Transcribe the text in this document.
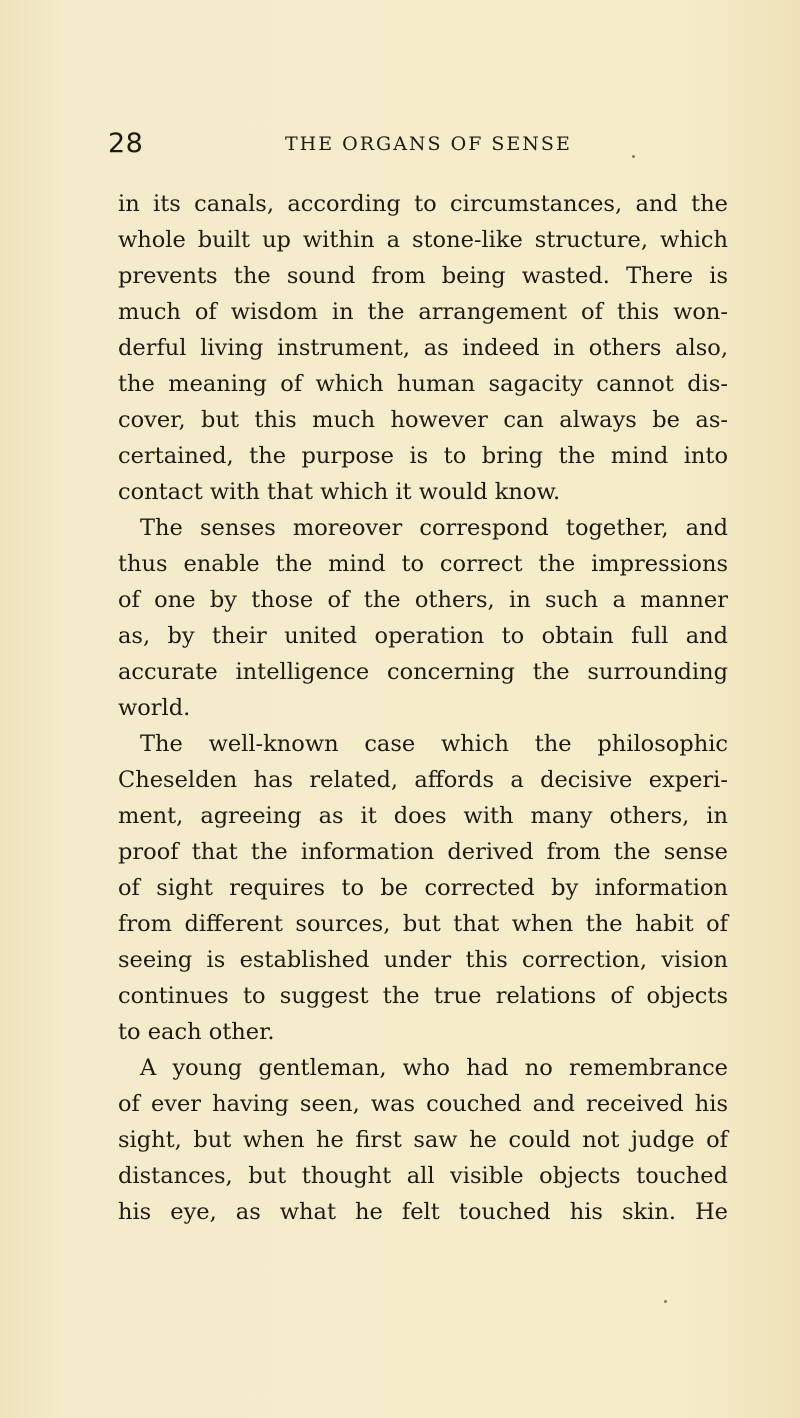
28	THE ORGANS OF SENSE
in its canals, according to circumstances, and the
whole built up within a stone-like structure, which
prevents the sound from being wasted. There is
much of wisdom in the arrangement of this won-
derful living instrument, as indeed in others also,
the meaning of which human sagacity cannot dis-
cover, but this much however can always be as-
certained, the purpose is to bring the mind into
contact with that which it would know.
The senses moreover correspond together, and
thus enable the mind to correct the impressions
of one by those of the others, in such a manner
as, by their united operation to obtain full and
accurate intelligence concerning the surrounding
world.
The well-known case which the philosophic
Cheselden has related, affords a decisive experi-
ment, agreeing as it does with many others, in
proof that the information derived from the sense
of sight requires to be corrected by information
from different sources, but that when the habit of
seeing is established under this correction, vision
continues to suggest the true relations of objects
to each other.
A young gentleman, who had no remembrance
of ever having seen, was couched and received his
sight, but when he first saw he could not judge of
distances, but thought all visible objects touched
his eye, as what he felt touched his skin. He
